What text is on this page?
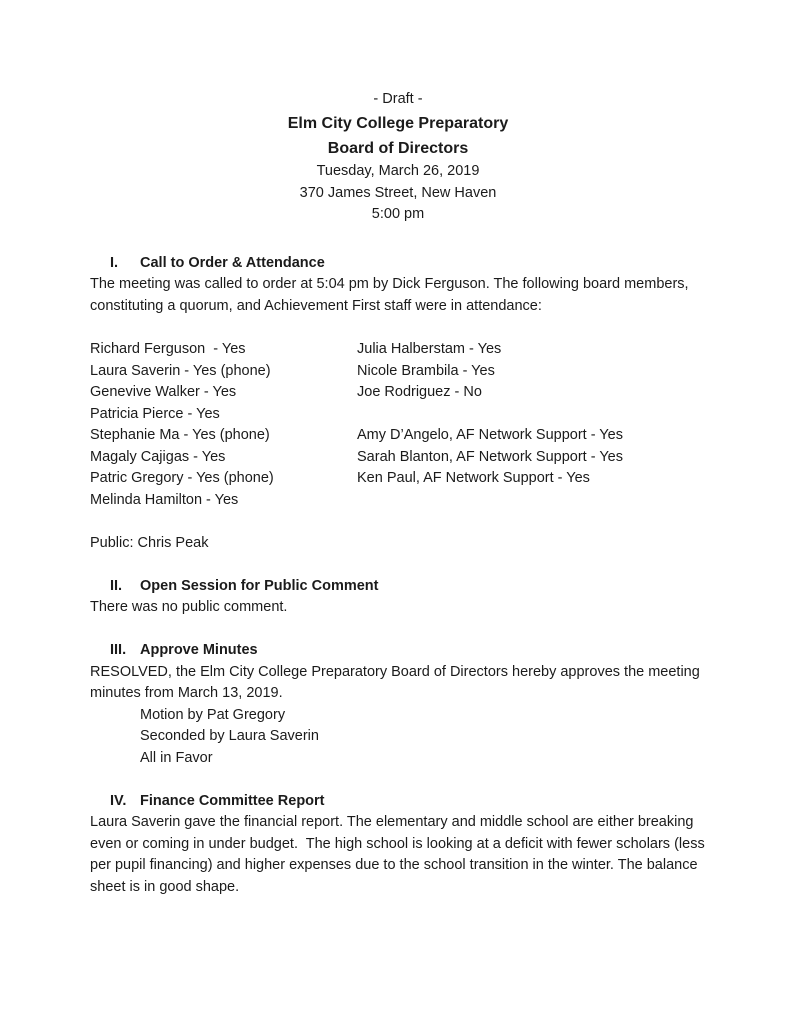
- Draft -
Elm City College Preparatory
Board of Directors
Tuesday, March 26, 2019
370 James Street, New Haven
5:00 pm
I.	Call to Order & Attendance

The meeting was called to order at 5:04 pm by Dick Ferguson. The following board members, constituting a quorum, and Achievement First staff were in attendance:

Richard Ferguson  - Yes	Julia Halberstam - Yes
Laura Saverin - Yes (phone)	Nicole Brambila - Yes
Genevive Walker - Yes	Joe Rodriguez - No
Patricia Pierce - Yes
Stephanie Ma - Yes (phone)	Amy D’Angelo, AF Network Support - Yes
Magaly Cajigas - Yes	Sarah Blanton, AF Network Support - Yes
Patric Gregory - Yes (phone)	Ken Paul, AF Network Support - Yes
Melinda Hamilton - Yes

Public: Chris Peak

II.	Open Session for Public Comment

There was no public comment.

III. Approve Minutes

RESOLVED, the Elm City College Preparatory Board of Directors hereby approves the meeting minutes from March 13, 2019.

Motion by Pat Gregory
Seconded by Laura Saverin
All in Favor
IV. Finance Committee Report

Laura Saverin gave the financial report. The elementary and middle school are either breaking even or coming in under budget.  The high school is looking at a deficit with fewer scholars (less per pupil financing) and higher expenses due to the school transition in the winter. The balance sheet is in good shape.
